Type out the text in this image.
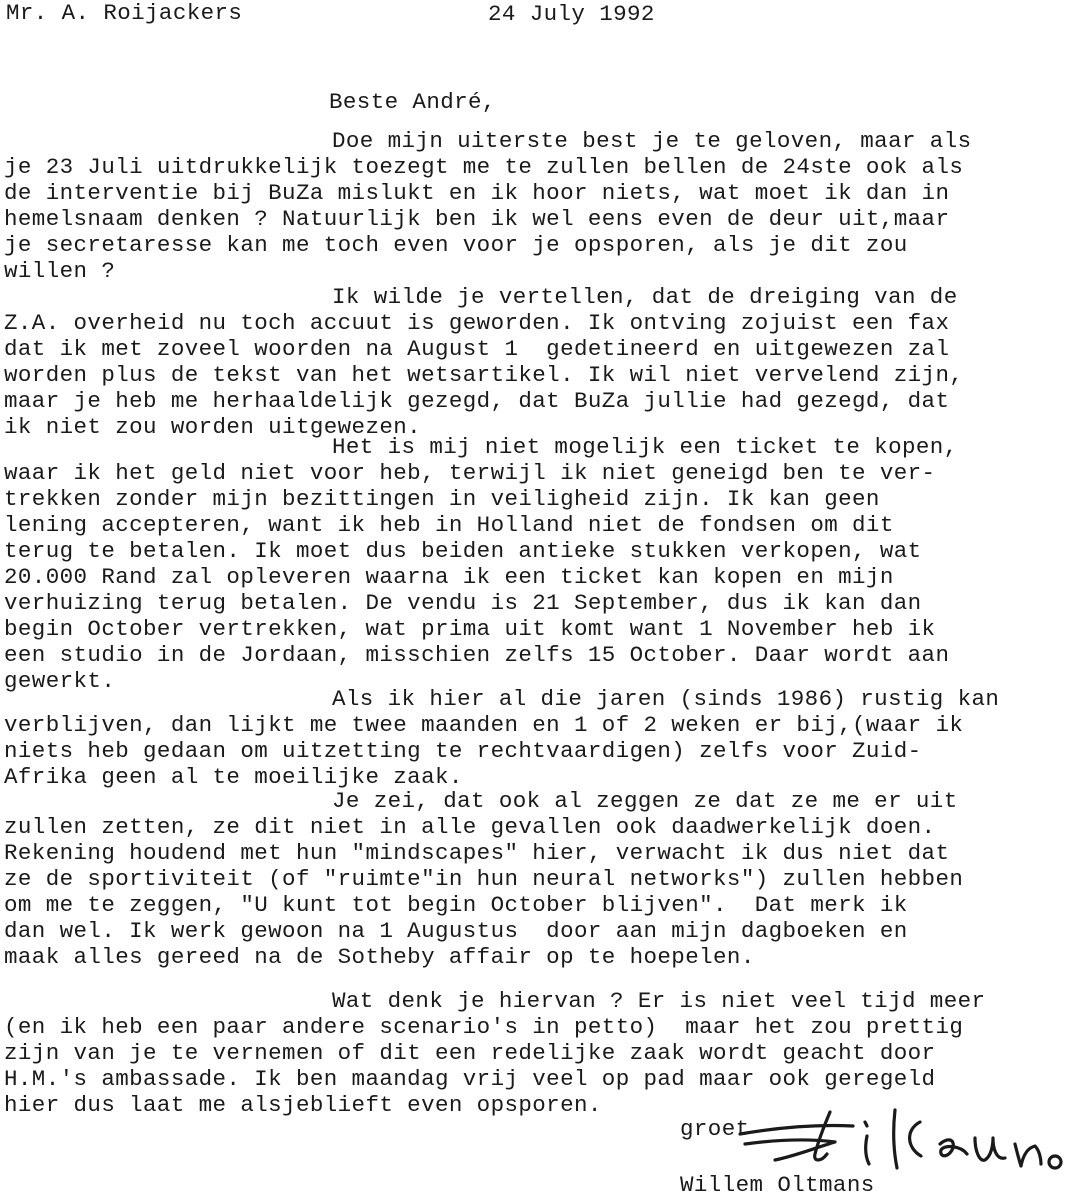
Mr. A. Roijackers	24 July 1992
Beste André,
Doe mijn uiterste best je te geloven, maar als
je 23 Juli uitdrukkelijk toezegt me te zullen bellen de 24ste ook als
de interventie bij BuZa mislukt en ik hoor niets, wat moet ik dan in
hemelsnaam denken ? Natuurlijk ben ik wel eens even de deur uit,maar
je secretaresse kan me toch even voor je opsporen, als je dit zou
willen ?
Ik wilde je vertellen, dat de dreiging van de
Z.A. overheid nu toch accuut is geworden. Ik ontving zojuist een fax
dat ik met zoveel woorden na August 1  gedetineerd en uitgewezen zal
worden plus de tekst van het wetsartikel. Ik wil niet vervelend zijn,
maar je heb me herhaaldelijk gezegd, dat BuZa jullie had gezegd, dat
ik niet zou worden uitgewezen.
Het is mij niet mogelijk een ticket te kopen,
waar ik het geld niet voor heb, terwijl ik niet geneigd ben te ver-
trekken zonder mijn bezittingen in veiligheid zijn. Ik kan geen
lening accepteren, want ik heb in Holland niet de fondsen om dit
terug te betalen. Ik moet dus beiden antieke stukken verkopen, wat
20.000 Rand zal opleveren waarna ik een ticket kan kopen en mijn
verhuizing terug betalen. De vendu is 21 September, dus ik kan dan
begin October vertrekken, wat prima uit komt want 1 November heb ik
een studio in de Jordaan, misschien zelfs 15 October. Daar wordt aan
gewerkt.
Als ik hier al die jaren (sinds 1986) rustig kan
verblijven, dan lijkt me twee maanden en 1 of 2 weken er bij,(waar ik
niets heb gedaan om uitzetting te rechtvaardigen) zelfs voor Zuid-
Afrika geen al te moeilijke zaak.
Je zei, dat ook al zeggen ze dat ze me er uit
zullen zetten, ze dit niet in alle gevallen ook daadwerkelijk doen.
Rekening houdend met hun "mindscapes" hier, verwacht ik dus niet dat
ze de sportiviteit (of "ruimte"in hun neural networks") zullen hebben
om me te zeggen, "U kunt tot begin October blijven".  Dat merk ik
dan wel. Ik werk gewoon na 1 Augustus  door aan mijn dagboeken en
maak alles gereed na de Sotheby affair op te hoepelen.
Wat denk je hiervan ? Er is niet veel tijd meer
(en ik heb een paar andere scenario's in petto)  maar het zou prettig
zijn van je te vernemen of dit een redelijke zaak wordt geacht door
H.M.'s ambassade. Ik ben maandag vrij veel op pad maar ook geregeld
hier dus laat me alsjeblieft even opsporen.
groet
Willem Oltmans
